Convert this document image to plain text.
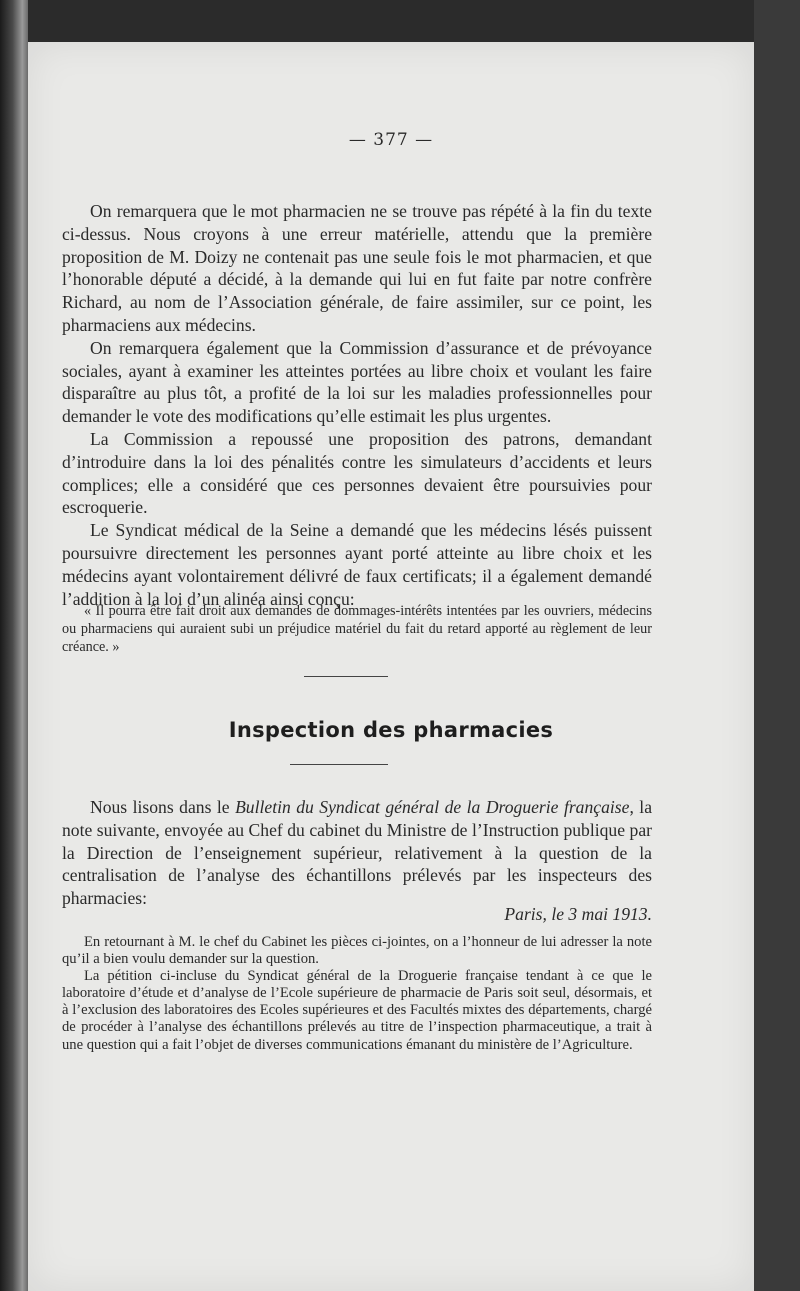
— 377 —

On remarquera que le mot pharmacien ne se trouve pas répété à la fin du texte ci-dessus. Nous croyons à une erreur matérielle, attendu que la première proposition de M. Doizy ne contenait pas une seule fois le mot pharmacien, et que l’honorable député a décidé, à la demande qui lui en fut faite par notre confrère Richard, au nom de l’Association générale, de faire assimiler, sur ce point, les pharmaciens aux médecins.

On remarquera également que la Commission d’assurance et de prévoyance sociales, ayant à examiner les atteintes portées au libre choix et voulant les faire disparaître au plus tôt, a profité de la loi sur les maladies professionnelles pour demander le vote des modifications qu’elle estimait les plus urgentes.

La Commission a repoussé une proposition des patrons, demandant d’introduire dans la loi des pénalités contre les simulateurs d’accidents et leurs complices; elle a considéré que ces personnes devaient être poursuivies pour escroquerie.

Le Syndicat médical de la Seine a demandé que les médecins lésés puissent poursuivre directement les personnes ayant porté atteinte au libre choix et les médecins ayant volontairement délivré de faux certificats; il a également demandé l’addition à la loi d’un alinéa ainsi conçu:

« Il pourra être fait droit aux demandes de dommages-intérêts intentées par les ouvriers, médecins ou pharmaciens qui auraient subi un préjudice matériel du fait du retard apporté au règlement de leur créance. »

Inspection des pharmacies

Nous lisons dans le Bulletin du Syndicat général de la Droguerie française, la note suivante, envoyée au Chef du cabinet du Ministre de l’Instruction publique par la Direction de l’enseignement supérieur, relativement à la question de la centralisation de l’analyse des échantillons prélevés par les inspecteurs des pharmacies:

Paris, le 3 mai 1913.

En retournant à M. le chef du Cabinet les pièces ci-jointes, on a l’honneur de lui adresser la note qu’il a bien voulu demander sur la question.

La pétition ci-incluse du Syndicat général de la Droguerie française tendant à ce que le laboratoire d’étude et d’analyse de l’Ecole supérieure de pharmacie de Paris soit seul, désormais, et à l’exclusion des laboratoires des Ecoles supérieures et des Facultés mixtes des départements, chargé de procéder à l’analyse des échantillons prélevés au titre de l’inspection pharmaceutique, a trait à une question qui a fait l’objet de diverses communications émanant du ministère de l’Agriculture.
